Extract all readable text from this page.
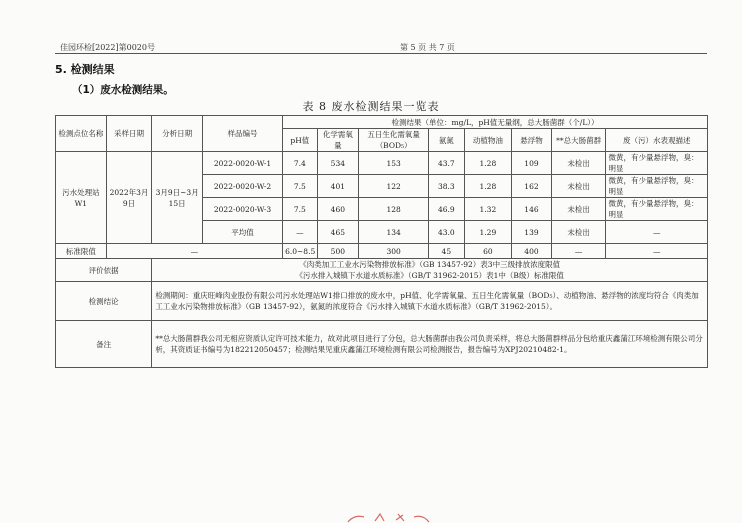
佳园环检[2022]第0020号	第 5 页 共 7 页
5. 检测结果
（1）废水检测结果。
表 8 废水检测结果一览表
检测点位名称	采样日期	分析日期	样品编号	检测结果（单位：mg/L，pH值无量纲，总大肠菌群（个/L））							
				pH值	化学需氧量	五日生化需氧量（BOD₅）	氨氮	动植物油	悬浮物	**总大肠菌群	废（污）水表观描述
污水处理站W1	2022年3月9日	3月9日~3月15日	2022-0020-W-1	7.4	534	153	43.7	1.28	109	未检出	微黄，有少量悬浮物，臭：明显
			2022-0020-W-2	7.5	401	122	38.3	1.28	162	未检出	微黄，有少量悬浮物，臭：明显
			2022-0020-W-3	7.5	460	128	46.9	1.32	146	未检出	微黄，有少量悬浮物，臭：明显
			平均值	—	465	134	43.0	1.29	139	未检出	—
标准限值	—			6.0~8.5	500	300	45	60	400	—	—
评价依据		《肉类加工工业水污染物排放标准》（GB 13457-92）表3中三级排放浓度限值
《污水排入城镇下水道水质标准》（GB/T 31962-2015）表1中（B级）标准限值									

检测结论		检测期间：重庆旺峰肉业股份有限公司污水处理站W1排口排放的废水中，pH值、化学需氧量、五日生化需氧量（BOD₅）、动植物油、悬浮物的浓度均符合《肉类加工工业水污染物排放标准》（GB 13457-92），氨氮的浓度符合《污水排入城镇下水道水质标准》（GB/T 31962-2015）。									
备注		**总大肠菌群我公司无相应资质认定许可技术能力，故对此项目进行了分包，总大肠菌群由我公司负责采样，将总大肠菌群样品分包给重庆鑫蒲江环境检测有限公司分析，其资质证书编号为182212050457；检测结果见重庆鑫蒲江环境检测有限公司检测报告，报告编号为XPJ20210482-1。									
